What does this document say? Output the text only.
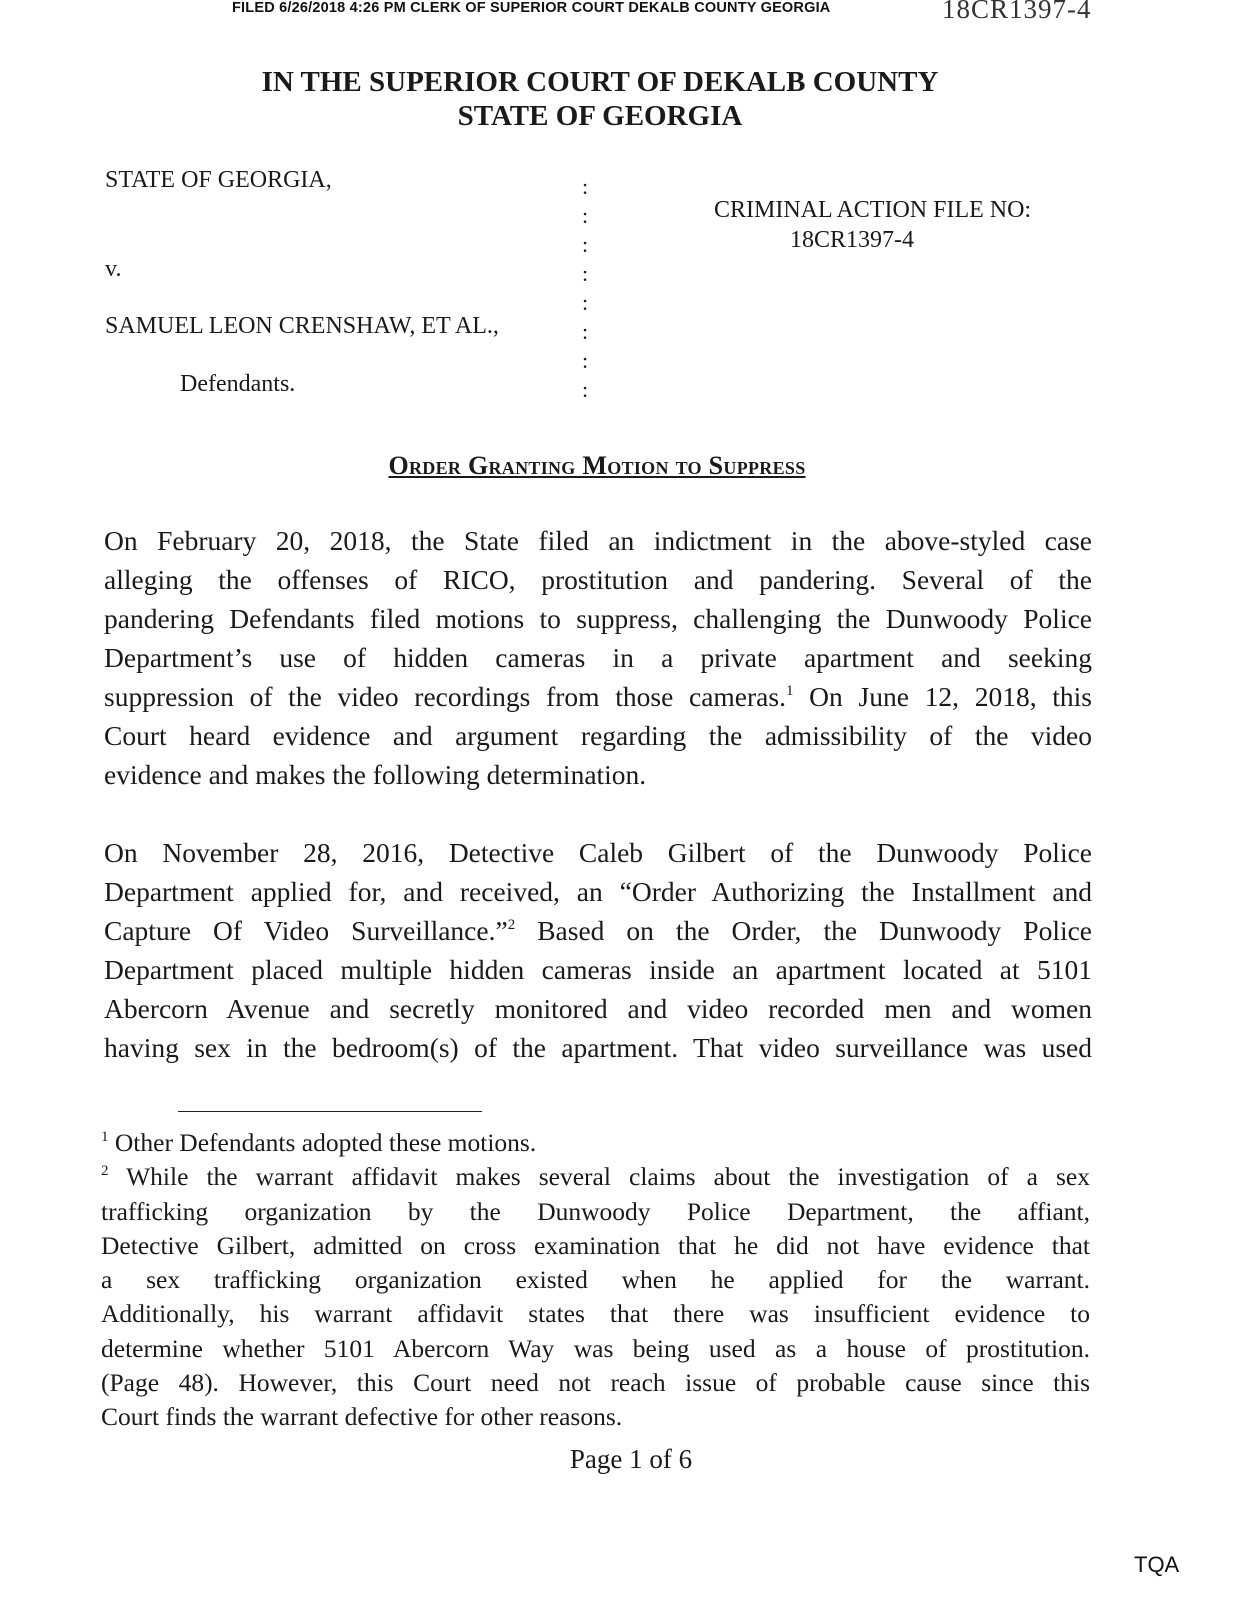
FILED 6/26/2018 4:26 PM CLERK OF SUPERIOR COURT DEKALB COUNTY GEORGIA	18CR1397-4
IN THE SUPERIOR COURT OF DEKALB COUNTY
STATE OF GEORGIA
STATE OF GEORGIA,
v.
SAMUEL LEON CRENSHAW, ET AL.,
Defendants.
:
:
:
:
:
:
:
:
CRIMINAL ACTION FILE NO:
18CR1397-4
Order Granting Motion to Suppress
On February 20, 2018, the State filed an indictment in the above-styled case
alleging the offenses of RICO, prostitution and pandering. Several of the
pandering Defendants filed motions to suppress, challenging the Dunwoody Police
Department’s use of hidden cameras in a private apartment and seeking
suppression of the video recordings from those cameras.$^1$ On June 12, 2018, this
Court heard evidence and argument regarding the admissibility of the video
evidence and makes the following determination.
On November 28, 2016, Detective Caleb Gilbert of the Dunwoody Police
Department applied for, and received, an “Order Authorizing the Installment and
Capture Of Video Surveillance.”$^2$ Based on the Order, the Dunwoody Police
Department placed multiple hidden cameras inside an apartment located at 5101
Abercorn Avenue and secretly monitored and video recorded men and women
having sex in the bedroom(s) of the apartment. That video surveillance was used
$^1$ Other Defendants adopted these motions.
$^2$ While the warrant affidavit makes several claims about the investigation of a sex
trafficking organization by the Dunwoody Police Department, the affiant,
Detective Gilbert, admitted on cross examination that he did not have evidence that
a sex trafficking organization existed when he applied for the warrant.
Additionally, his warrant affidavit states that there was insufficient evidence to
determine whether 5101 Abercorn Way was being used as a house of prostitution.
(Page 48). However, this Court need not reach issue of probable cause since this
Court finds the warrant defective for other reasons.
Page 1 of 6
TQA
